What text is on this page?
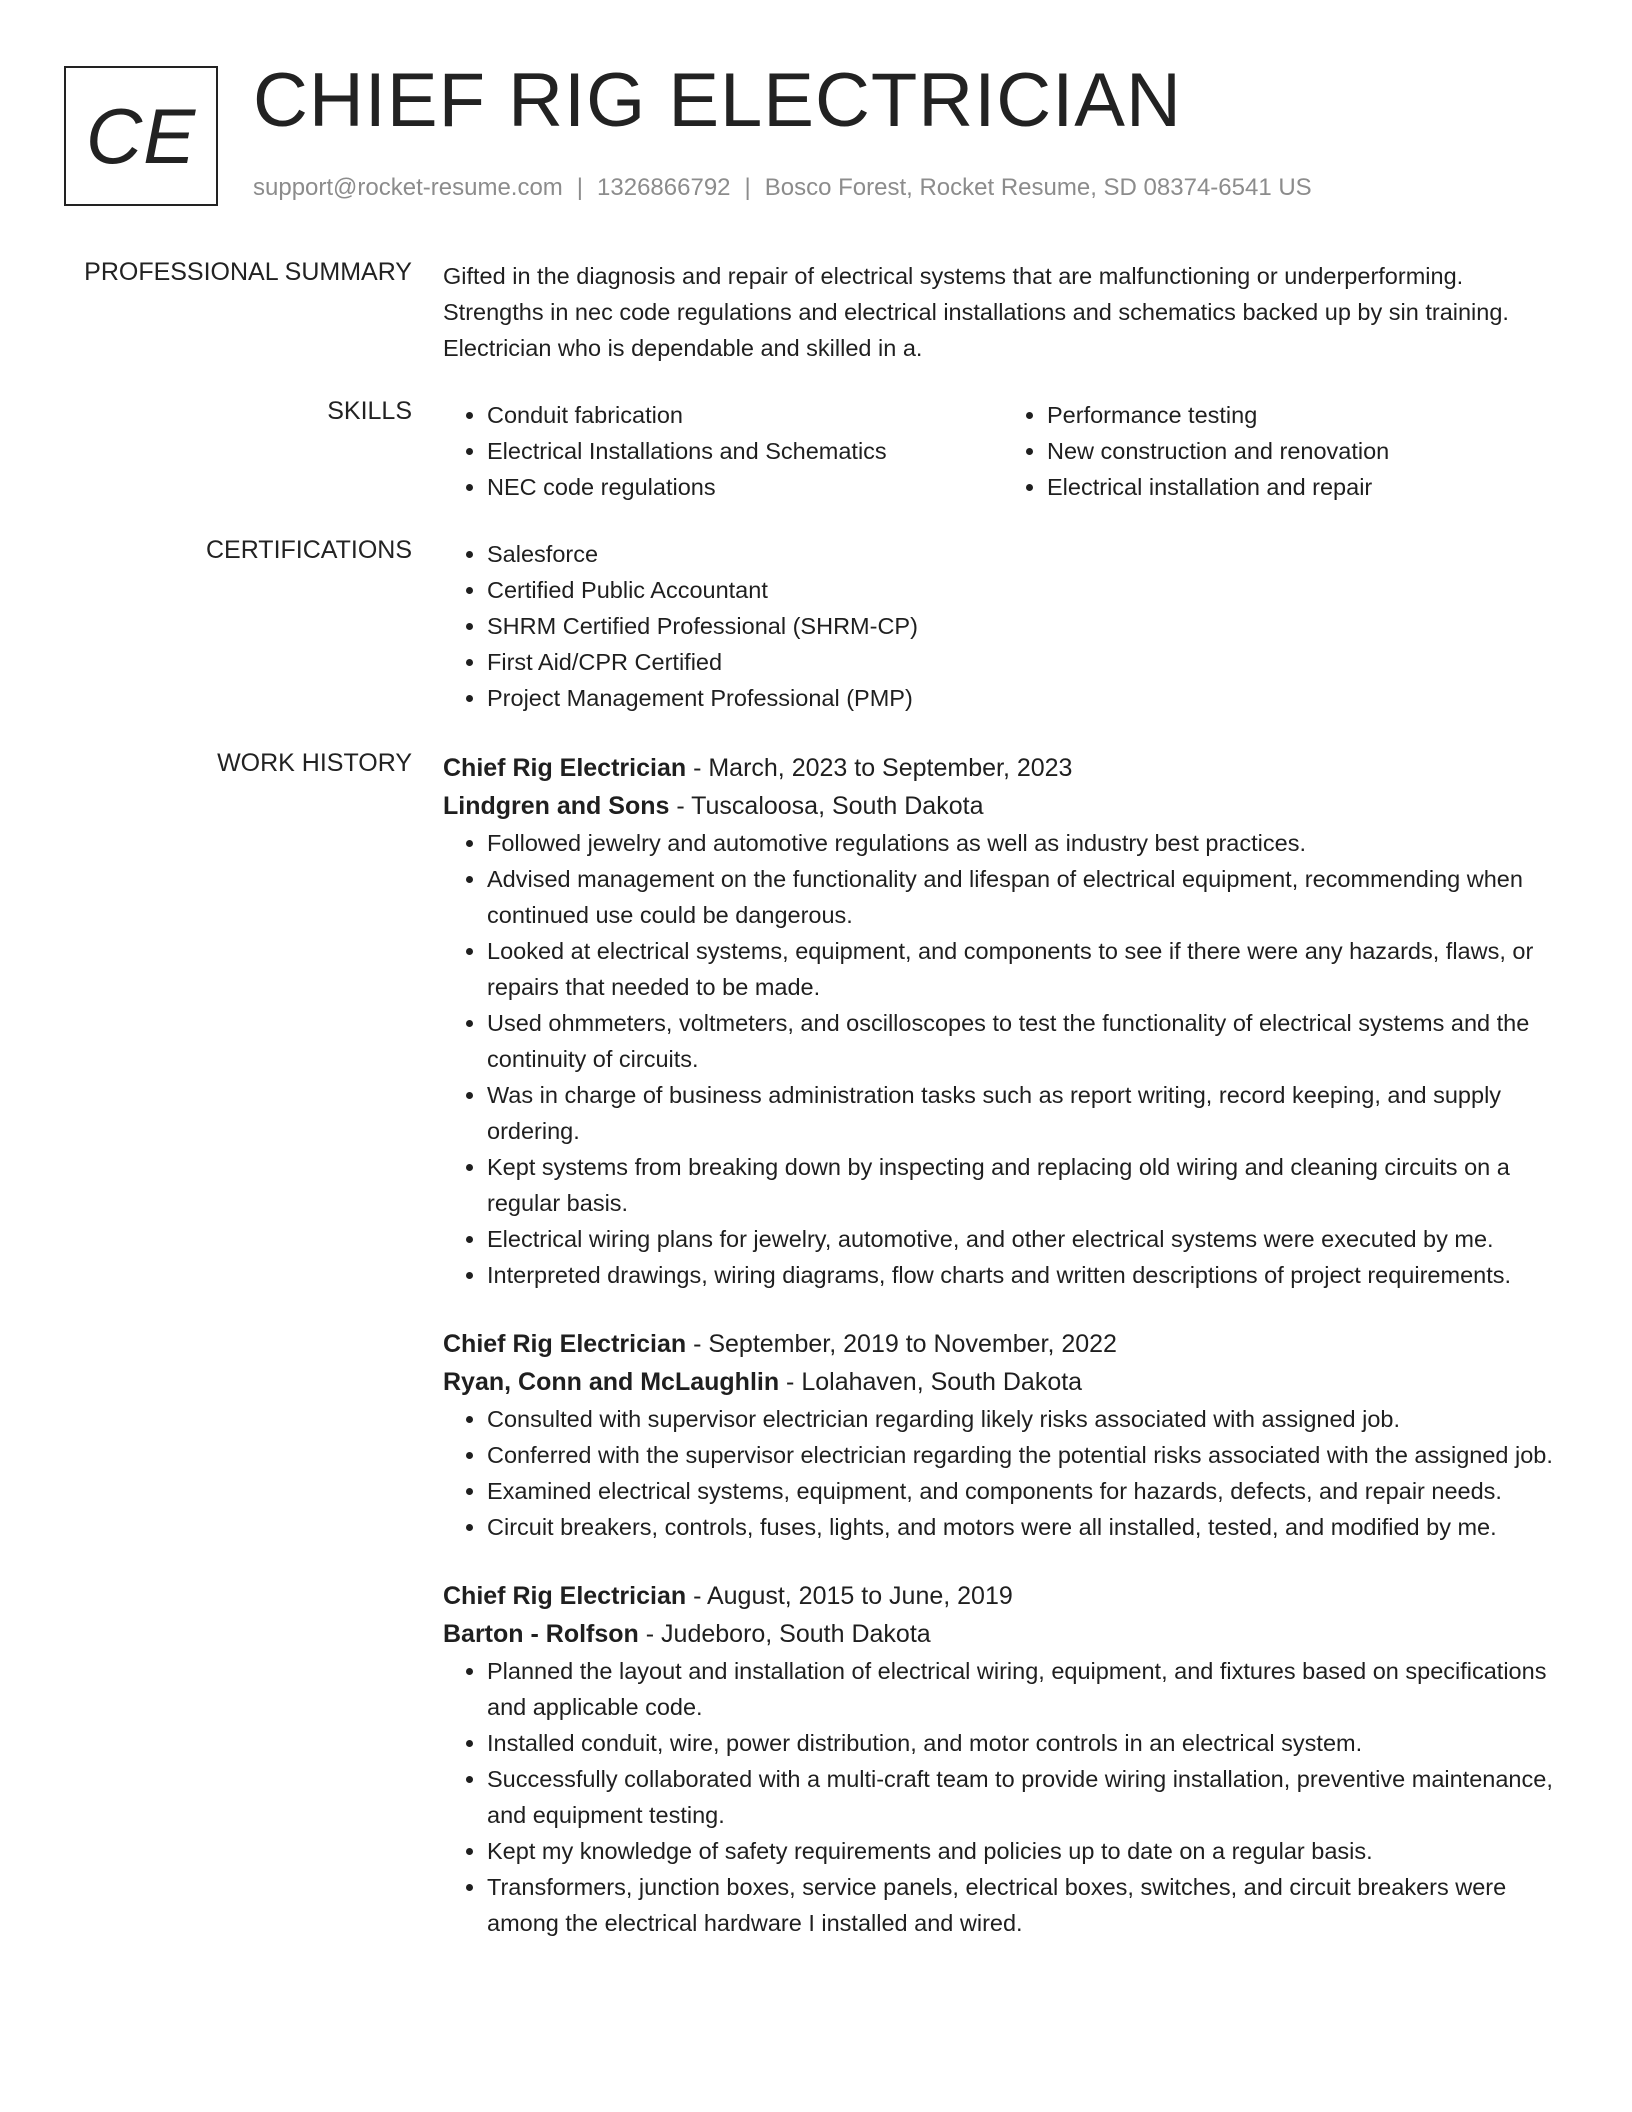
CE CHIEF RIG ELECTRICIAN
support@rocket-resume.com | 1326866792 | Bosco Forest, Rocket Resume, SD 08374-6541 US
PROFESSIONAL SUMMARY Gifted in the diagnosis and repair of electrical systems that are malfunctioning or underperforming. Strengths in nec code regulations and electrical installations and schematics backed up by sin training. Electrician who is dependable and skilled in a.

SKILLS	• Conduit fabrication
• Electrical Installations and Schematics
• NEC code regulations
• Performance testing
• New construction and renovation
• Electrical installation and repair
CERTIFICATIONS	• Salesforce
• Certified Public Accountant
• SHRM Certified Professional (SHRM-CP)
• First Aid/CPR Certified
• Project Management Professional (PMP)
WORK HISTORY Chief Rig Electrician - March, 2023 to September, 2023
Lindgren and Sons - Tuscaloosa, South Dakota
• Followed jewelry and automotive regulations as well as industry best practices.
• Advised management on the functionality and lifespan of electrical equipment, recommending when continued use could be dangerous.
• Looked at electrical systems, equipment, and components to see if there were any hazards, flaws, or repairs that needed to be made.
• Used ohmmeters, voltmeters, and oscilloscopes to test the functionality of electrical systems and the continuity of circuits.
• Was in charge of business administration tasks such as report writing, record keeping, and supply ordering.
• Kept systems from breaking down by inspecting and replacing old wiring and cleaning circuits on a regular basis.
• Electrical wiring plans for jewelry, automotive, and other electrical systems were executed by me.
• Interpreted drawings, wiring diagrams, flow charts and written descriptions of project requirements.
Chief Rig Electrician - September, 2019 to November, 2022
Ryan, Conn and McLaughlin - Lolahaven, South Dakota
• Consulted with supervisor electrician regarding likely risks associated with assigned job.
• Conferred with the supervisor electrician regarding the potential risks associated with the assigned job.
• Examined electrical systems, equipment, and components for hazards, defects, and repair needs.
• Circuit breakers, controls, fuses, lights, and motors were all installed, tested, and modified by me.
Chief Rig Electrician - August, 2015 to June, 2019
Barton - Rolfson - Judeboro, South Dakota
• Planned the layout and installation of electrical wiring, equipment, and fixtures based on specifications and applicable code.
• Installed conduit, wire, power distribution, and motor controls in an electrical system.
• Successfully collaborated with a multi-craft team to provide wiring installation, preventive maintenance, and equipment testing.
• Kept my knowledge of safety requirements and policies up to date on a regular basis.
• Transformers, junction boxes, service panels, electrical boxes, switches, and circuit breakers were among the electrical hardware I installed and wired.
